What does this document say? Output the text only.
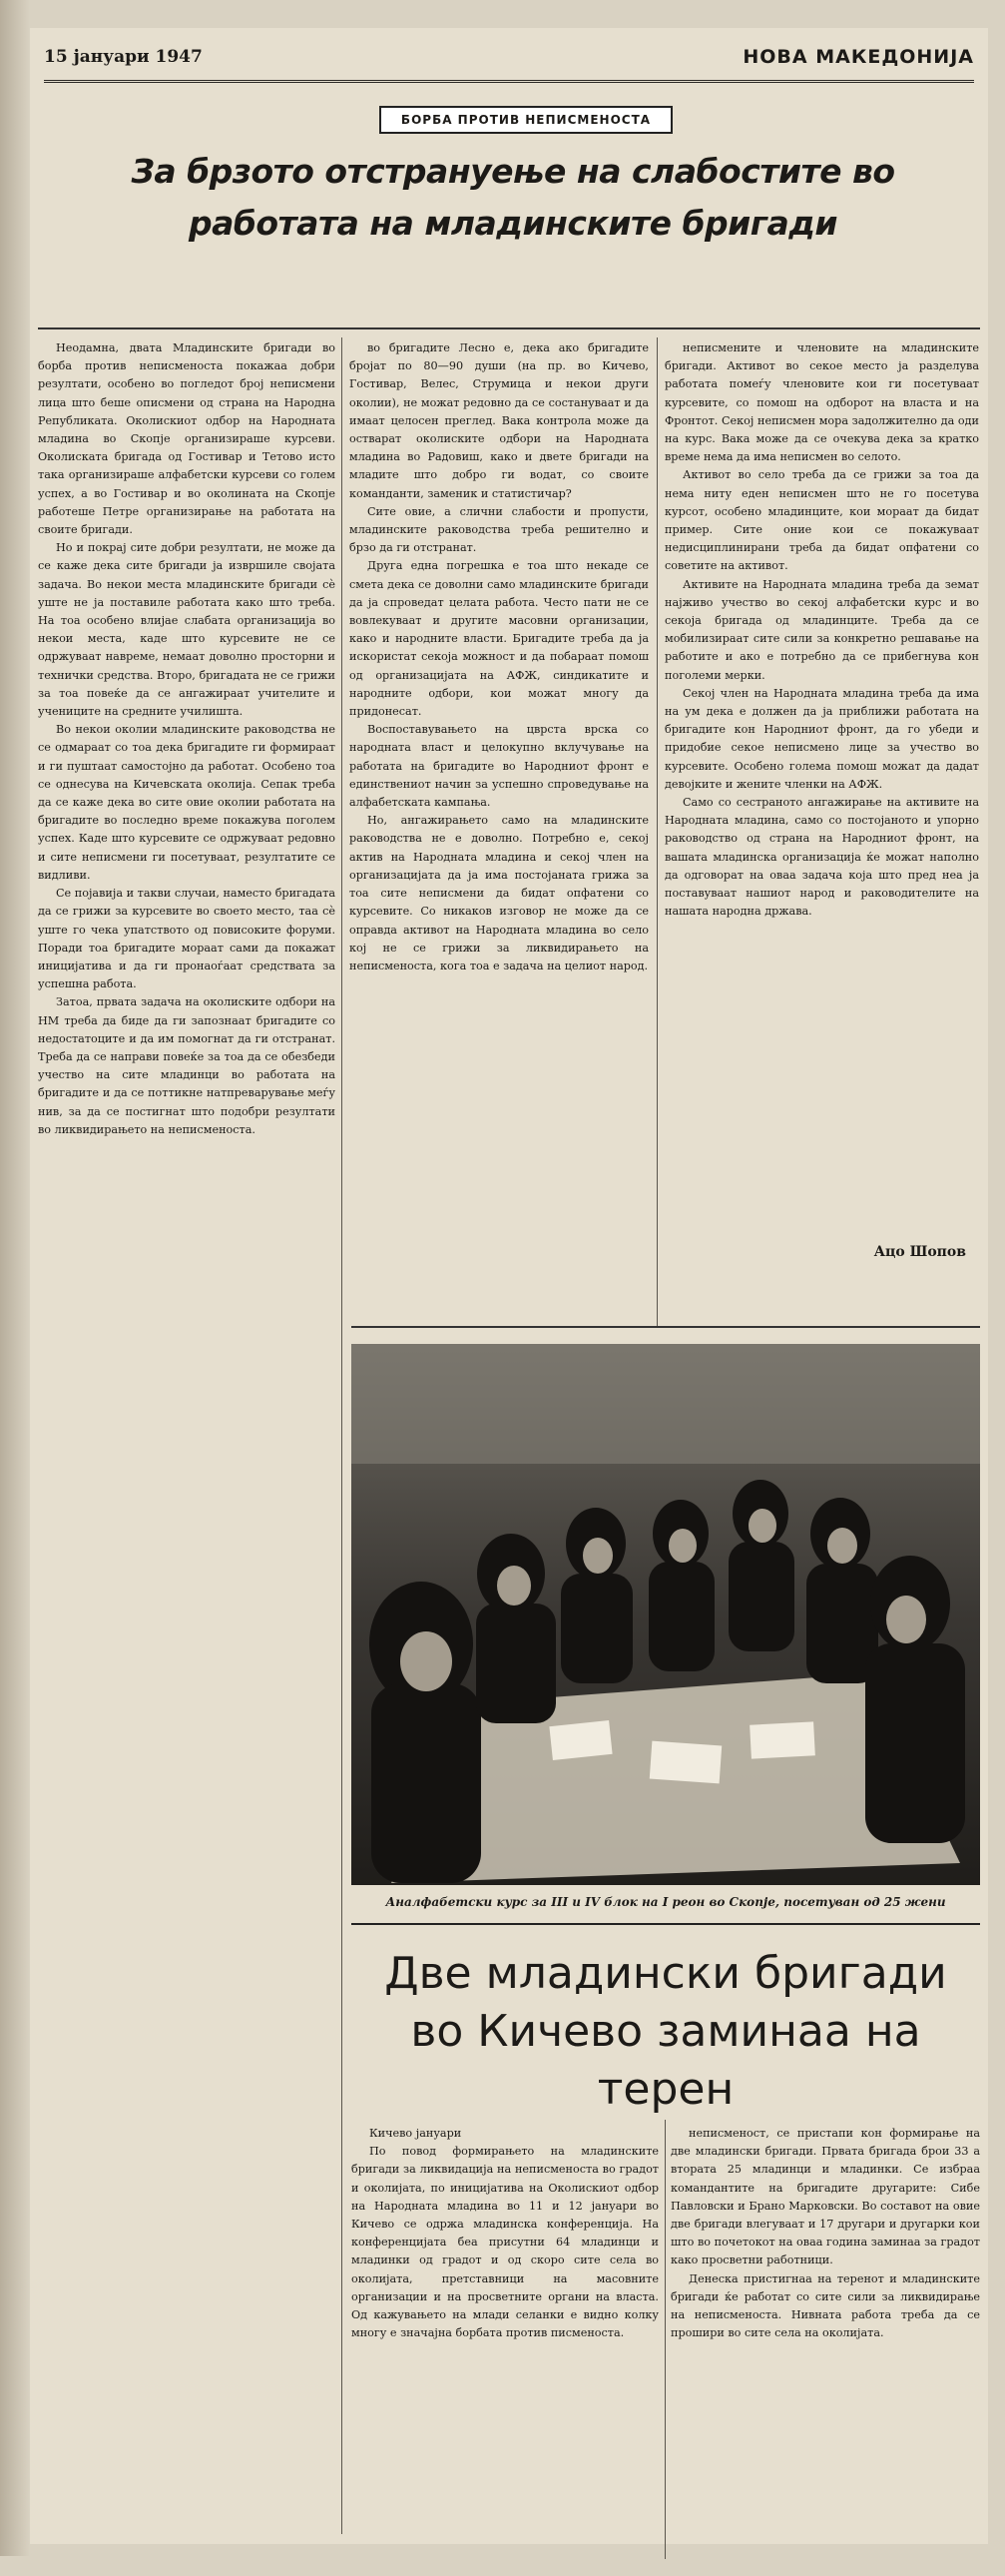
15 јануари 1947	НОВА МАКЕДОНИЈА
БОРБА ПРОТИВ НЕПИСМЕНОСТА
За брзото отстрануење на слабостите во работата на младинските бригади

Неодамна, двата Младинските бригади во борба против неписменоста покажаа добри резултати, особено во погледот број неписмени лица што беше описмени од страна на Народна Републиката. Околискиот одбор на Народната младина во Скопје организираше курсеви. Околиската бригада од Гостивар и Тетово исто така организираше алфабетски курсеви со голем успех, а во Гостивар и во околината на Скопје работеше Петре организирање на работата на своите бригади.

Но и покрај сите добри резултати, не може да се каже дека сите бригади ја извршиле својата задача. Во некои места младинските бригади сè уште не ја поставиле работата како што треба. На тоа особено влијае слабата организација во некои места, каде што курсевите не се одржуваат навреме, немаат доволно просторни и технички средства. Второ, бригадата не се грижи за тоа повеќе да се ангажираат учителите и учениците на средните училишта.

Во некои околии младинските раководства не се одмараат со тоа дека бригадите ги формираат и ги пуштаат самостојно да работат. Особено тоа се однесува на Кичевската околија. Сепак треба да се каже дека во сите овие околии работата на бригадите во последно време покажува поголем успех. Каде што курсевите се одржуваат редовно и сите неписмени ги посетуваат, резултатите се видливи.

Се појавија и такви случаи, наместо бригадата да се грижи за курсевите во своето место, таа сè уште го чека упатството од повисоките форуми. Поради тоа бригадите мораат сами да покажат иницијатива и да ги пронаоѓаат средствата за успешна работа.

Затоа, првата задача на околиските одбори на НМ треба да биде да ги запознаат бригадите со недостатоците и да им помогнат да ги отстранат. Треба да се направи повеќе за тоа да се обезбеди учество на сите младинци во работата на бригадите и да се поттикне натпреварување меѓу нив, за да се постигнат што подобри резултати во ликвидирањето на неписменоста.

во бригадите Лесно е, дека ако бригадите бројат по 80—90 души (на пр. во Кичево, Гостивар, Велес, Струмица и некои други околии), не можат редовно да се состануваат и да имаат целосен преглед. Вака контрола може да остварат околиските одбори на Народната младина во Радовиш, како и двете бригади на младите што добро ги водат, со своите команданти, заменик и статистичар?

Сите овие, а слични слабости и пропусти, младинските раководства треба решително и брзо да ги отстранат.

Друга една погрешка е тоа што некаде се смета дека се доволни само младинските бригади да ја спроведат целата работа. Често пати не се вовлекуваат и другите масовни организации, како и народните власти. Бригадите треба да ја искористат секоја можност и да побараат помош од организацијата на АФЖ, синдикатите и народните одбори, кои можат многу да придонесат.

Воспоставувањето на цврста врска со народната власт и целокупно вклучување на работата на бригадите во Народниот фронт е единствениот начин за успешно спроведување на алфабетската кампања.

Но, ангажирањето само на младинските раководства не е доволно. Потребно е, секој актив на Народната младина и секој член на организацијата да ја има постојаната грижа за тоа сите неписмени да бидат опфатени со курсевите. Со никаков изговор не може да се оправда активот на Народната младина во село кој не се грижи за ликвидирањето на неписменоста, кога тоа е задача на целиот народ.

неписмените и членовите на младинските бригади. Активот во секое место ја разделува работата помеѓу членовите кои ги посетуваат курсевите, со помош на одборот на власта и на Фронтот. Секој неписмен мора задолжително да оди на курс. Вака може да се очекува дека за кратко време нема да има неписмен во селото.

Активот во село треба да се грижи за тоа да нема ниту еден неписмен што не го посетува курсот, особено младинците, кои мораат да бидат пример. Сите оние кои се покажуваат недисциплинирани треба да бидат опфатени со советите на активот.

Активите на Народната младина треба да земат најживо учество во секој алфабетски курс и во секоја бригада од младинците. Треба да се мобилизираат сите сили за конкретно решавање на работите и ако е потребно да се прибегнува кон поголеми мерки.

Секој член на Народната младина треба да има на ум дека е должен да ја приближи работата на бригадите кон Народниот фронт, да го убеди и придобие секое неписмено лице за учество во курсевите. Особено голема помош можат да дадат девојките и жените членки на АФЖ.

Само со сестраното ангажирање на активите на Народната младина, само со постојаното и упорно раководство од страна на Народниот фронт, на вашата младинска организација ќе можат наполно да одговорат на оваа задача која што пред неа ја поставуваат нашиот народ и раководителите на нашата народна држава.

Ацо Шопов
Аналфабетски курс за III и IV блок на I реон во Скопје, посетуван од 25 жени
Две младински бригади во Кичево заминаа на терен

Кичево јануари

По повод формирањето на младинските бригади за ликвидација на неписменоста во градот и околијата, по иницијатива на Околискиот одбор на Народната младина во 11 и 12 јануари во Кичево се одржа младинска конференција. На конференцијата беа присутни 64 младинци и младинки од градот и од скоро сите села во околијата, претставници на масовните организации и на просветните органи на власта. Од кажувањето на млади селанки е видно колку многу е значајна борбата против писменоста.

неписменост, се пристапи кон формирање на две младински бригади. Првата бригада брои 33 а втората 25 младинци и младинки. Се избраа командантите на бригадите другарите: Сибе Павловски и Брано Марковски. Во составот на овие две бригади влегуваат и 17 другари и другарки кои што во почетокот на оваа година заминаа за градот како просветни работници.

Денеска пристигнаа на теренот и младинските бригади ќе работат со сите сили за ликвидирање на неписменоста. Нивната работа треба да се прошири во сите села на околијата.
